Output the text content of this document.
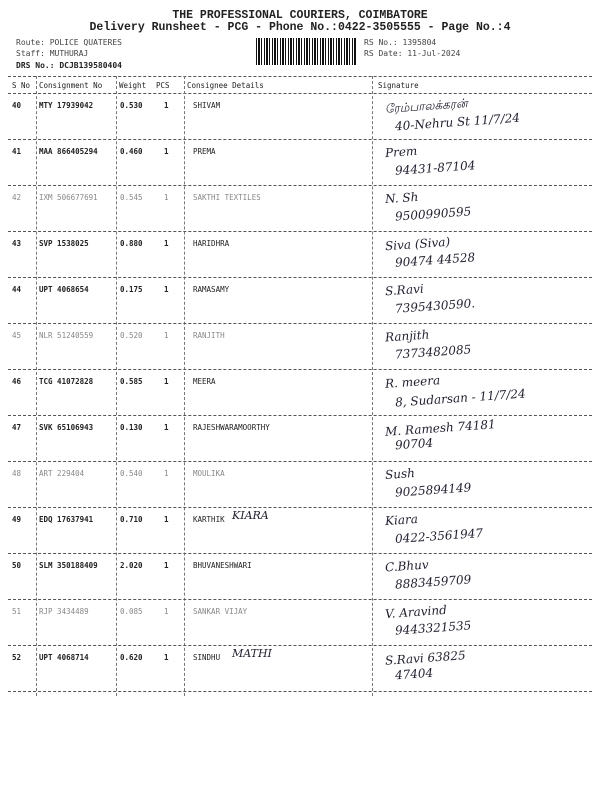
THE PROFESSIONAL COURIERS, COIMBATORE
Delivery Runsheet - PCG - Phone No.:0422-3505555 - Page No.:4
Route: POLICE QUATERES
Staff: MUTHURAJ
DRS No.: DCJB139580404
RS No.: 1395804
RS Date: 11-Jul-2024
S No Consignment No Weight PCS Consignee Details	Signature
40 MTY 17939042	0.530	1	SHIVAM	ரேம்பாலக்கரன்
40-Nehru St 11/7/24
41 MAA 866405294	0.460	1	PREMA	Prem
94431-87104
42 IXM 506677691	0.545	1	SAKTHI TEXTILES	N. Sh
9500990595
43 SVP 1538025	0.880	1	HARIDHRA	Siva (Siva)
90474 44528
44 UPT 4068654	0.175	1	RAMASAMY	S.Ravi
7395430590.
45 NLR 51240559	0.520	1	RANJITH	Ranjith
7373482085
46 TCG 41072828	0.585	1	MEERA	R. meera
8, Sudarsan - 11/7/24
47 SVK 65106943	0.130	1	RAJESHWARAMOORTHY	M. Ramesh 74181
90704
48 ART 229404	0.540	1	MOULIKA	Sush
9025894149
49 EDQ 17637941	0.710	1	KARTHIK KIARA	Kiara
0422-3561947
50 SLM 350188409	2.020	1	BHUVANESHWARI	C.Bhuv
8883459709
51 RJP 3434489	0.085	1	SANKAR VIJAY	V. Aravind
9443321535
52 UPT 4068714	0.620	1	SINDHU MATHI	S.Ravi 63825
47404
